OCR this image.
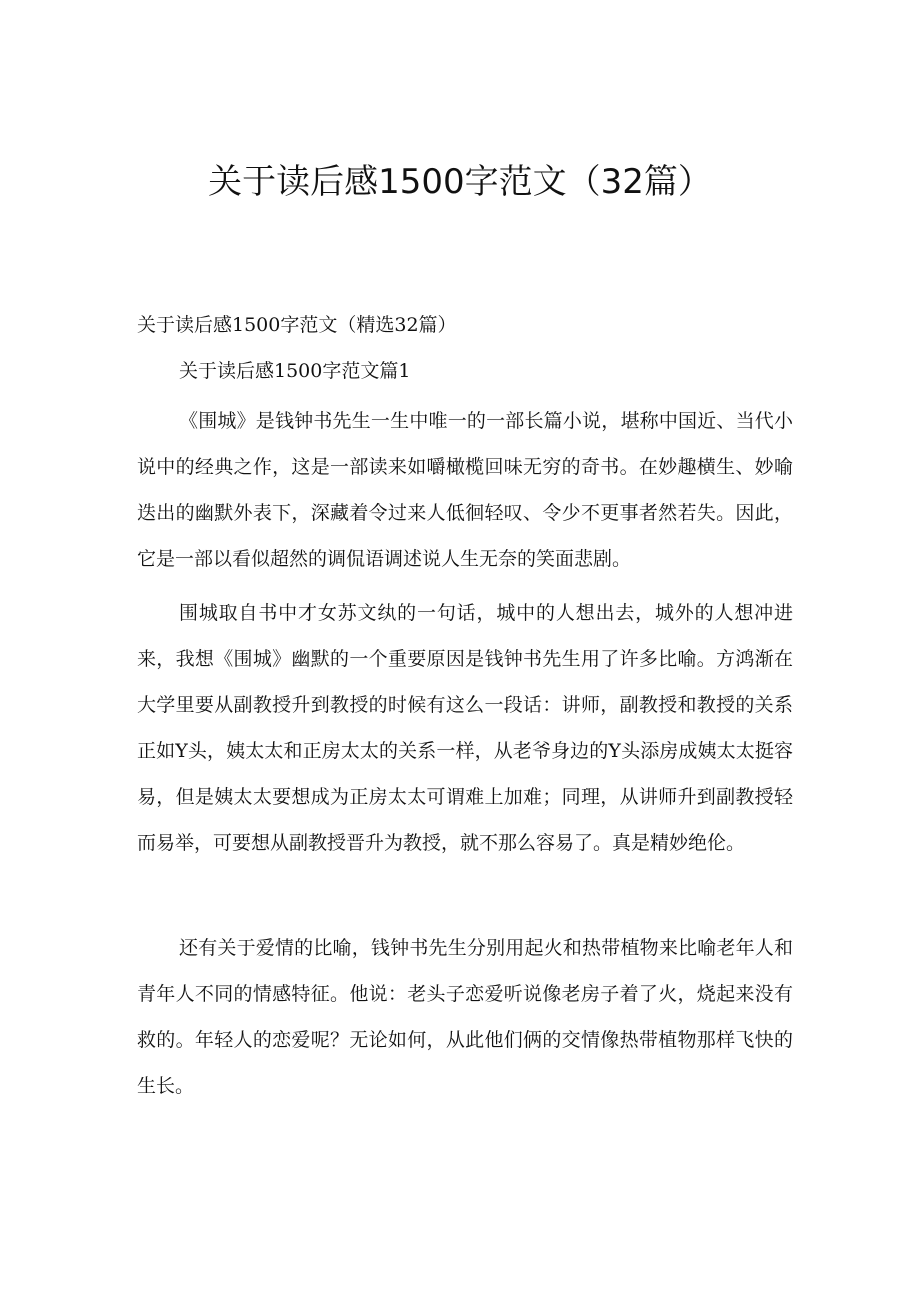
关于读后感1500字范文（32篇）

关于读后感1500字范文（精选32篇）

关于读后感1500字范文篇1

《围城》是钱钟书先生一生中唯一的一部长篇小说，堪称中国近、当代小说中的经典之作，这是一部读来如嚼橄榄回味无穷的奇书。在妙趣横生、妙喻迭出的幽默外表下，深藏着令过来人低徊轻叹、令少不更事者然若失。因此，它是一部以看似超然的调侃语调述说人生无奈的笑面悲剧。

围城取自书中才女苏文纨的一句话，城中的人想出去，城外的人想冲进来，我想《围城》幽默的一个重要原因是钱钟书先生用了许多比喻。方鸿渐在大学里要从副教授升到教授的时候有这么一段话：讲师，副教授和教授的关系正如Y头，姨太太和正房太太的关系一样，从老爷身边的Y头添房成姨太太挺容易，但是姨太太要想成为正房太太可谓难上加难；同理，从讲师升到副教授轻而易举，可要想从副教授晋升为教授，就不那么容易了。真是精妙绝伦。

还有关于爱情的比喻，钱钟书先生分别用起火和热带植物来比喻老年人和青年人不同的情感特征。他说：老头子恋爱听说像老房子着了火，烧起来没有救的。年轻人的恋爱呢？无论如何，从此他们俩的交情像热带植物那样飞快的生长。
